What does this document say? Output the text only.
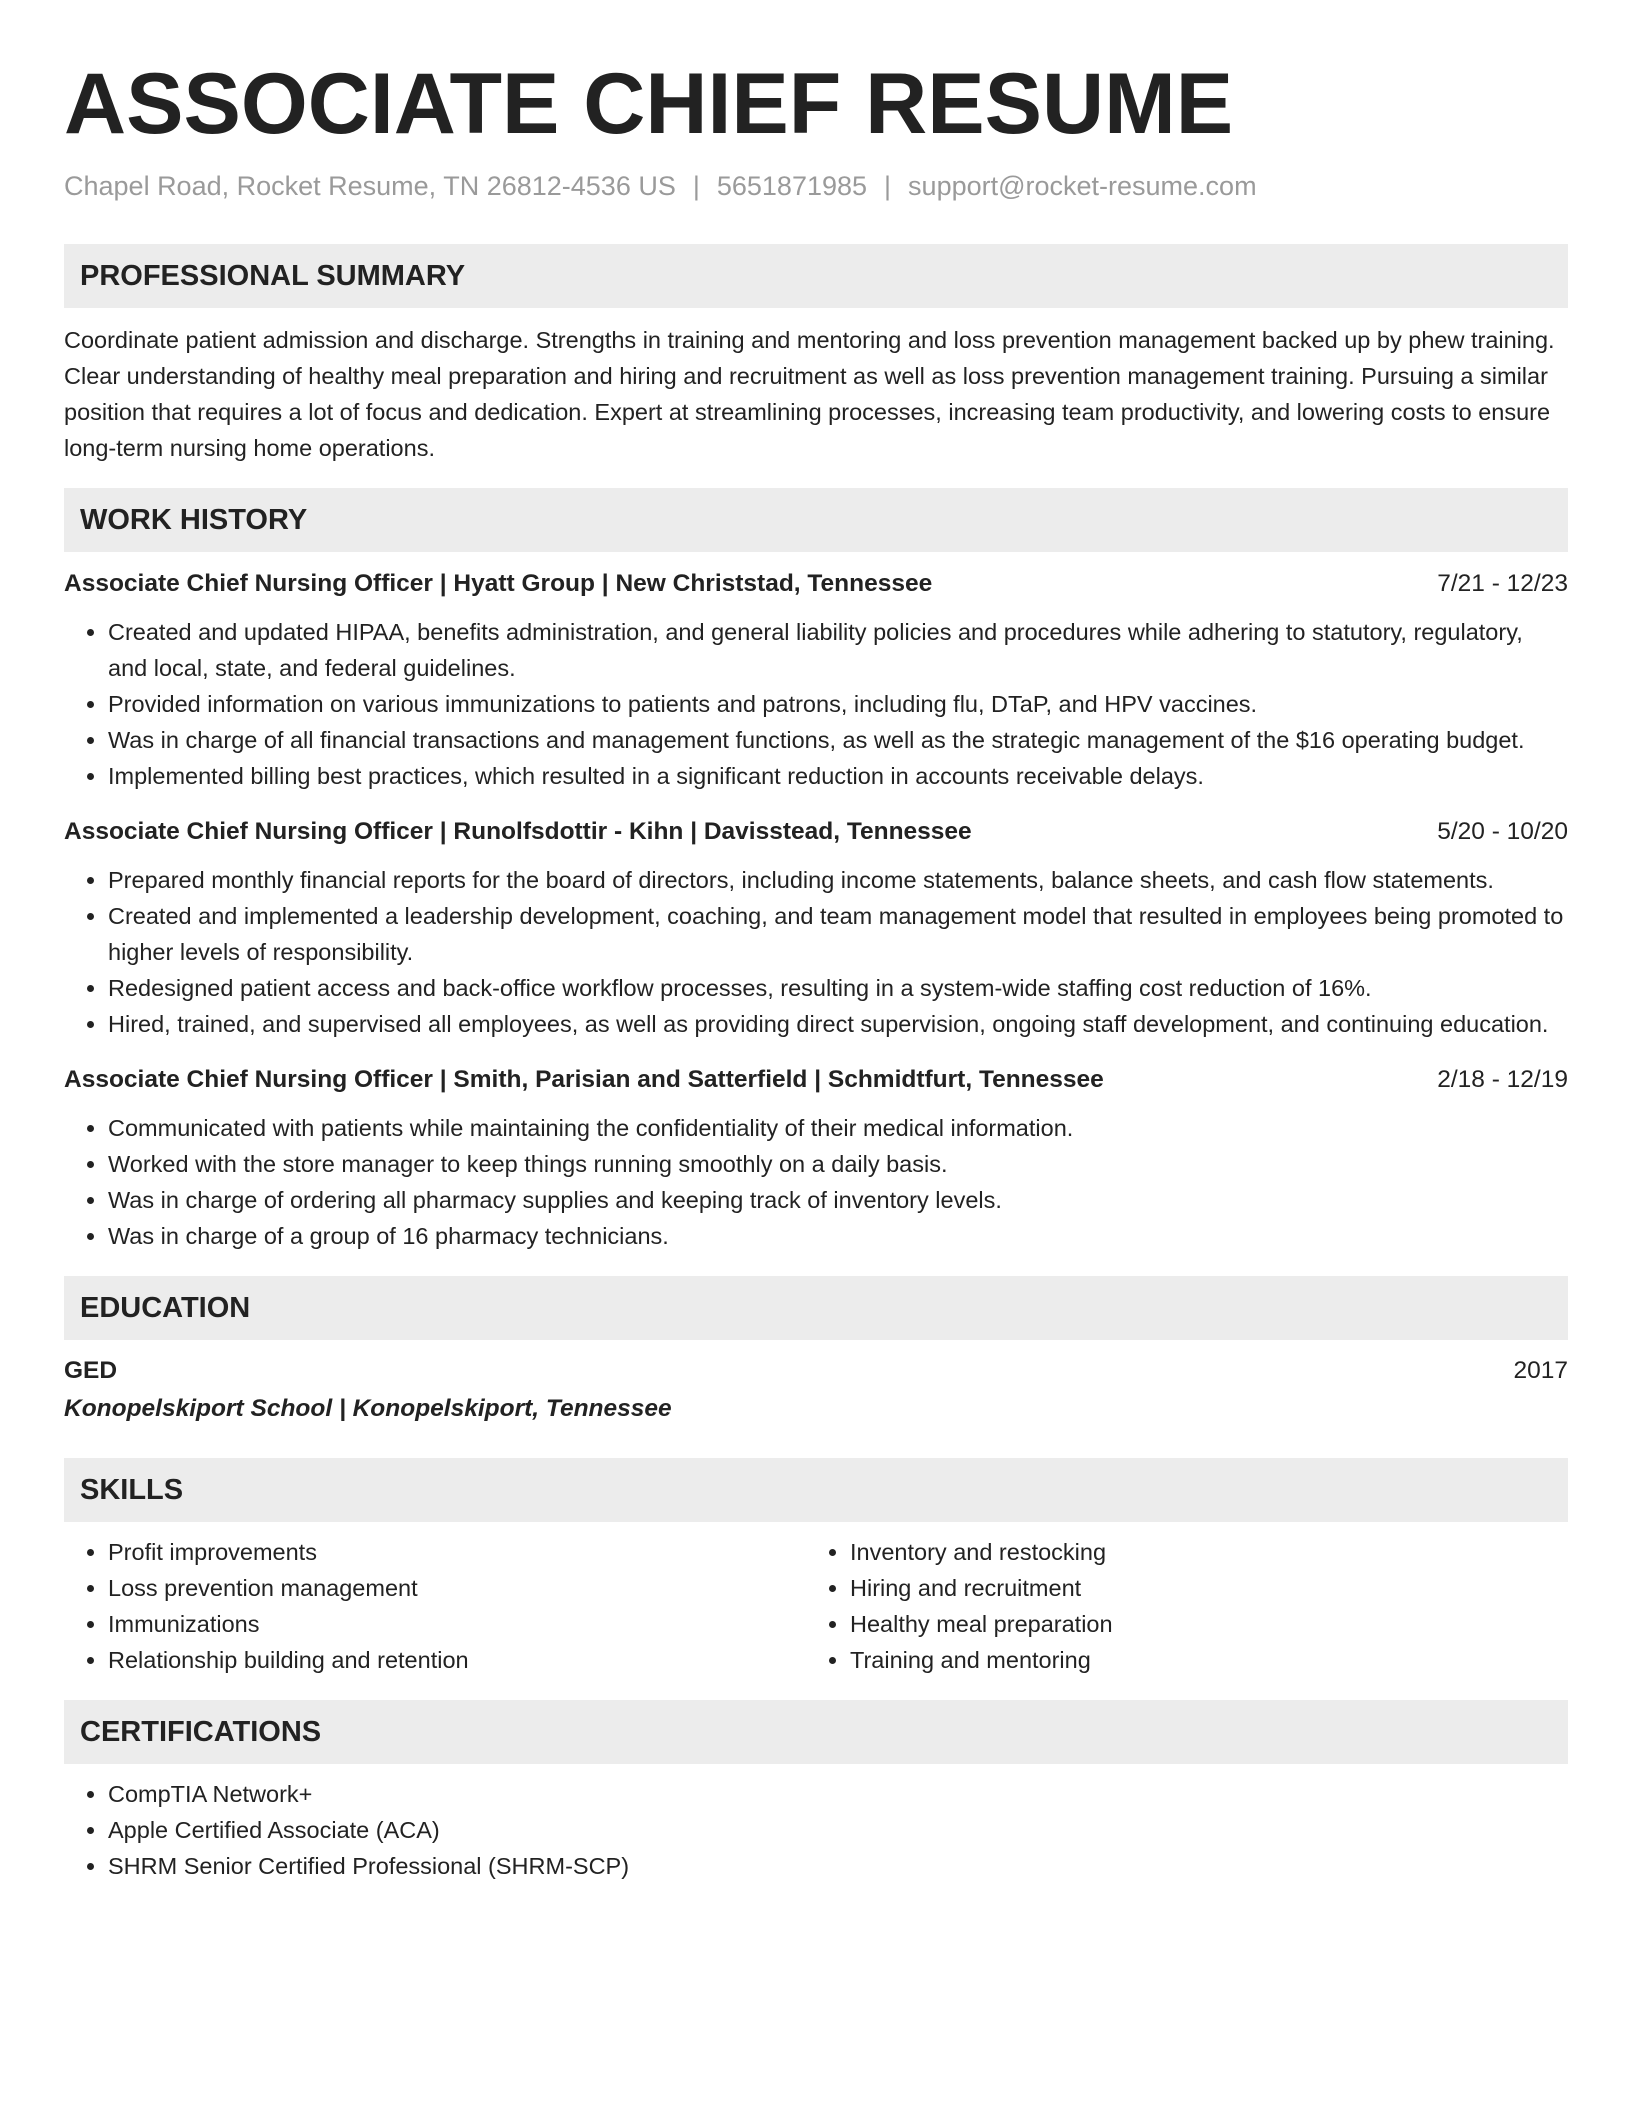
ASSOCIATE CHIEF RESUME
Chapel Road, Rocket Resume, TN 26812-4536 US | 5651871985 | support@rocket-resume.com
PROFESSIONAL SUMMARY

Coordinate patient admission and discharge. Strengths in training and mentoring and loss prevention management backed up by phew training. Clear understanding of healthy meal preparation and hiring and recruitment as well as loss prevention management training. Pursuing a similar position that requires a lot of focus and dedication. Expert at streamlining processes, increasing team productivity, and lowering costs to ensure long-term nursing home operations.

WORK HISTORY
Associate Chief Nursing Officer | Hyatt Group | New Christstad, Tennessee	7/21 - 12/23
• Created and updated HIPAA, benefits administration, and general liability policies and procedures while adhering to statutory, regulatory, and local, state, and federal guidelines.
• Provided information on various immunizations to patients and patrons, including flu, DTaP, and HPV vaccines.
• Was in charge of all financial transactions and management functions, as well as the strategic management of the $16 operating budget.
• Implemented billing best practices, which resulted in a significant reduction in accounts receivable delays.
Associate Chief Nursing Officer | Runolfsdottir - Kihn | Davisstead, Tennessee	5/20 - 10/20
• Prepared monthly financial reports for the board of directors, including income statements, balance sheets, and cash flow statements.
• Created and implemented a leadership development, coaching, and team management model that resulted in employees being promoted to higher levels of responsibility.
• Redesigned patient access and back-office workflow processes, resulting in a system-wide staffing cost reduction of 16%.
• Hired, trained, and supervised all employees, as well as providing direct supervision, ongoing staff development, and continuing education.
Associate Chief Nursing Officer | Smith, Parisian and Satterfield | Schmidtfurt, Tennessee	2/18 - 12/19
• Communicated with patients while maintaining the confidentiality of their medical information.
• Worked with the store manager to keep things running smoothly on a daily basis.
• Was in charge of ordering all pharmacy supplies and keeping track of inventory levels.
• Was in charge of a group of 16 pharmacy technicians.
EDUCATION
GED	2017
Konopelskiport School | Konopelskiport, Tennessee
SKILLS
• Profit improvements
• Loss prevention management
• Immunizations
• Relationship building and retention
• Inventory and restocking
• Hiring and recruitment
• Healthy meal preparation
• Training and mentoring
CERTIFICATIONS
• CompTIA Network+
• Apple Certified Associate (ACA)
• SHRM Senior Certified Professional (SHRM-SCP)
